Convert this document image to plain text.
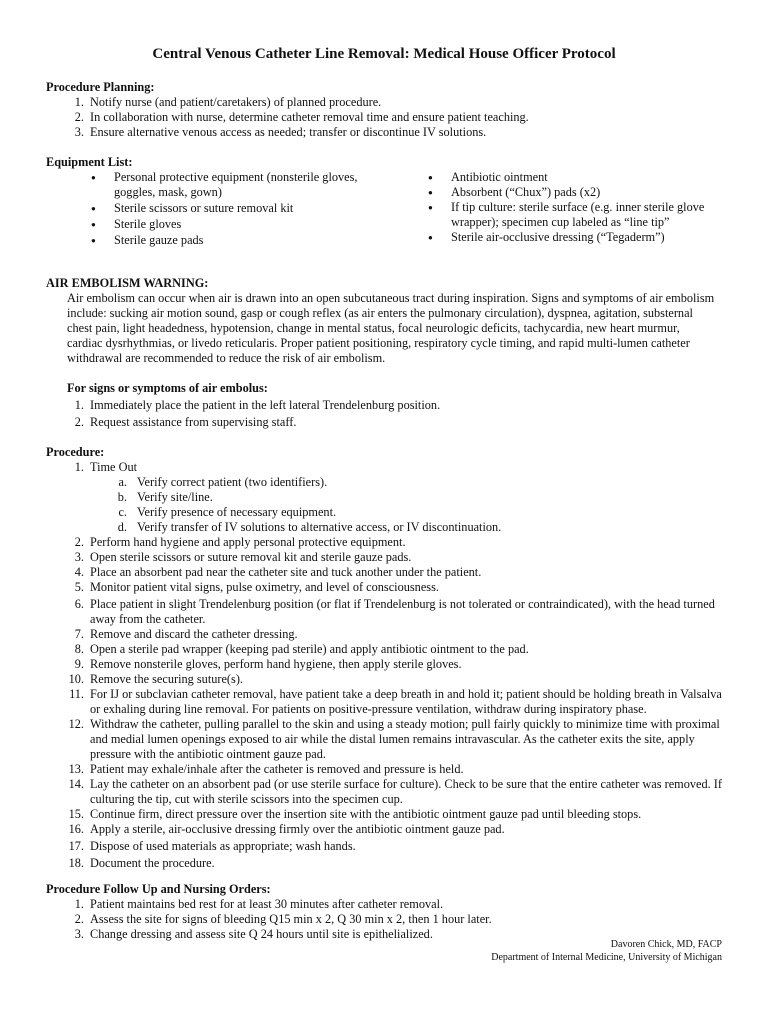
Central Venous Catheter Line Removal: Medical House Officer Protocol
Procedure Planning:
1 . Notify nurse (and patient/caretakers) of planned procedure.
2 . In collaboration with nurse, determine catheter removal time and ensure patient teaching.
3 . Ensure alternative venous access as needed; transfer or discontinue IV solutions.
Equipment List:
● Personal protective equipment (nonsterile gloves, goggles, mask, gown)
● Sterile scissors or suture removal kit
● Sterile gloves
● Sterile gauze pads
● Antibiotic ointment
● Absorbent (“Chux”) pads (x2)
● If tip culture: sterile surface (e.g. inner sterile glove wrapper); specimen cup labeled as “line tip”
● Sterile air-occlusive dressing (“Tegaderm”)
AIR EMBOLISM WARNING:

Air embolism can occur when air is drawn into an open subcutaneous tract during inspiration. Signs and symptoms of air embolism include: sucking air motion sound, gasp or cough reflex (as air enters the pulmonary circulation), dyspnea, agitation, substernal chest pain, light headedness, hypotension, change in mental status, focal neurologic deficits, tachycardia, new heart murmur, cardiac dysrhythmias, or livedo reticularis. Proper patient positioning, respiratory cycle timing, and rapid multi-lumen catheter withdrawal are recommended to reduce the risk of air embolism.

For signs or symptoms of air embolus:
1 . Immediately place the patient in the left lateral Trendelenburg position.
2 . Request assistance from supervising staff.
Procedure:
1 . Time Out
a . Verify correct patient (two identifiers).
b . Verify site/line.
c . Verify presence of necessary equipment.
d . Verify transfer of IV solutions to alternative access, or IV discontinuation.
2 . Perform hand hygiene and apply personal protective equipment.
3 . Open sterile scissors or suture removal kit and sterile gauze pads.
4 . Place an absorbent pad near the catheter site and tuck another under the patient.
5 . Monitor patient vital signs, pulse oximetry, and level of consciousness.
6 . Place patient in slight Trendelenburg position (or flat if Trendelenburg is not tolerated or contraindicated), with the head turned away from the catheter.
7 . Remove and discard the catheter dressing.
8 . Open a sterile pad wrapper (keeping pad sterile) and apply antibiotic ointment to the pad.
9 . Remove nonsterile gloves, perform hand hygiene, then apply sterile gloves.
10 . Remove the securing suture(s).
11 . For IJ or subclavian catheter removal, have patient take a deep breath in and hold it; patient should be holding breath in Valsalva or exhaling during line removal. For patients on positive-pressure ventilation, withdraw during inspiratory phase.
12 . Withdraw the catheter, pulling parallel to the skin and using a steady motion; pull fairly quickly to minimize time with proximal and medial lumen openings exposed to air while the distal lumen remains intravascular. As the catheter exits the site, apply pressure with the antibiotic ointment gauze pad.
13 . Patient may exhale/inhale after the catheter is removed and pressure is held.
14 . Lay the catheter on an absorbent pad (or use sterile surface for culture). Check to be sure that the entire catheter was removed. If culturing the tip, cut with sterile scissors into the specimen cup.
15 . Continue firm, direct pressure over the insertion site with the antibiotic ointment gauze pad until bleeding stops.
16 . Apply a sterile, air-occlusive dressing firmly over the antibiotic ointment gauze pad.
17 . Dispose of used materials as appropriate; wash hands.
18 . Document the procedure.
Procedure Follow Up and Nursing Orders:
1 . Patient maintains bed rest for at least 30 minutes after catheter removal.
2 . Assess the site for signs of bleeding Q15 min x 2, Q 30 min x 2, then 1 hour later.
3 . Change dressing and assess site Q 24 hours until site is epithelialized.
Davoren Chick, MD, FACP
Department of Internal Medicine, University of Michigan
